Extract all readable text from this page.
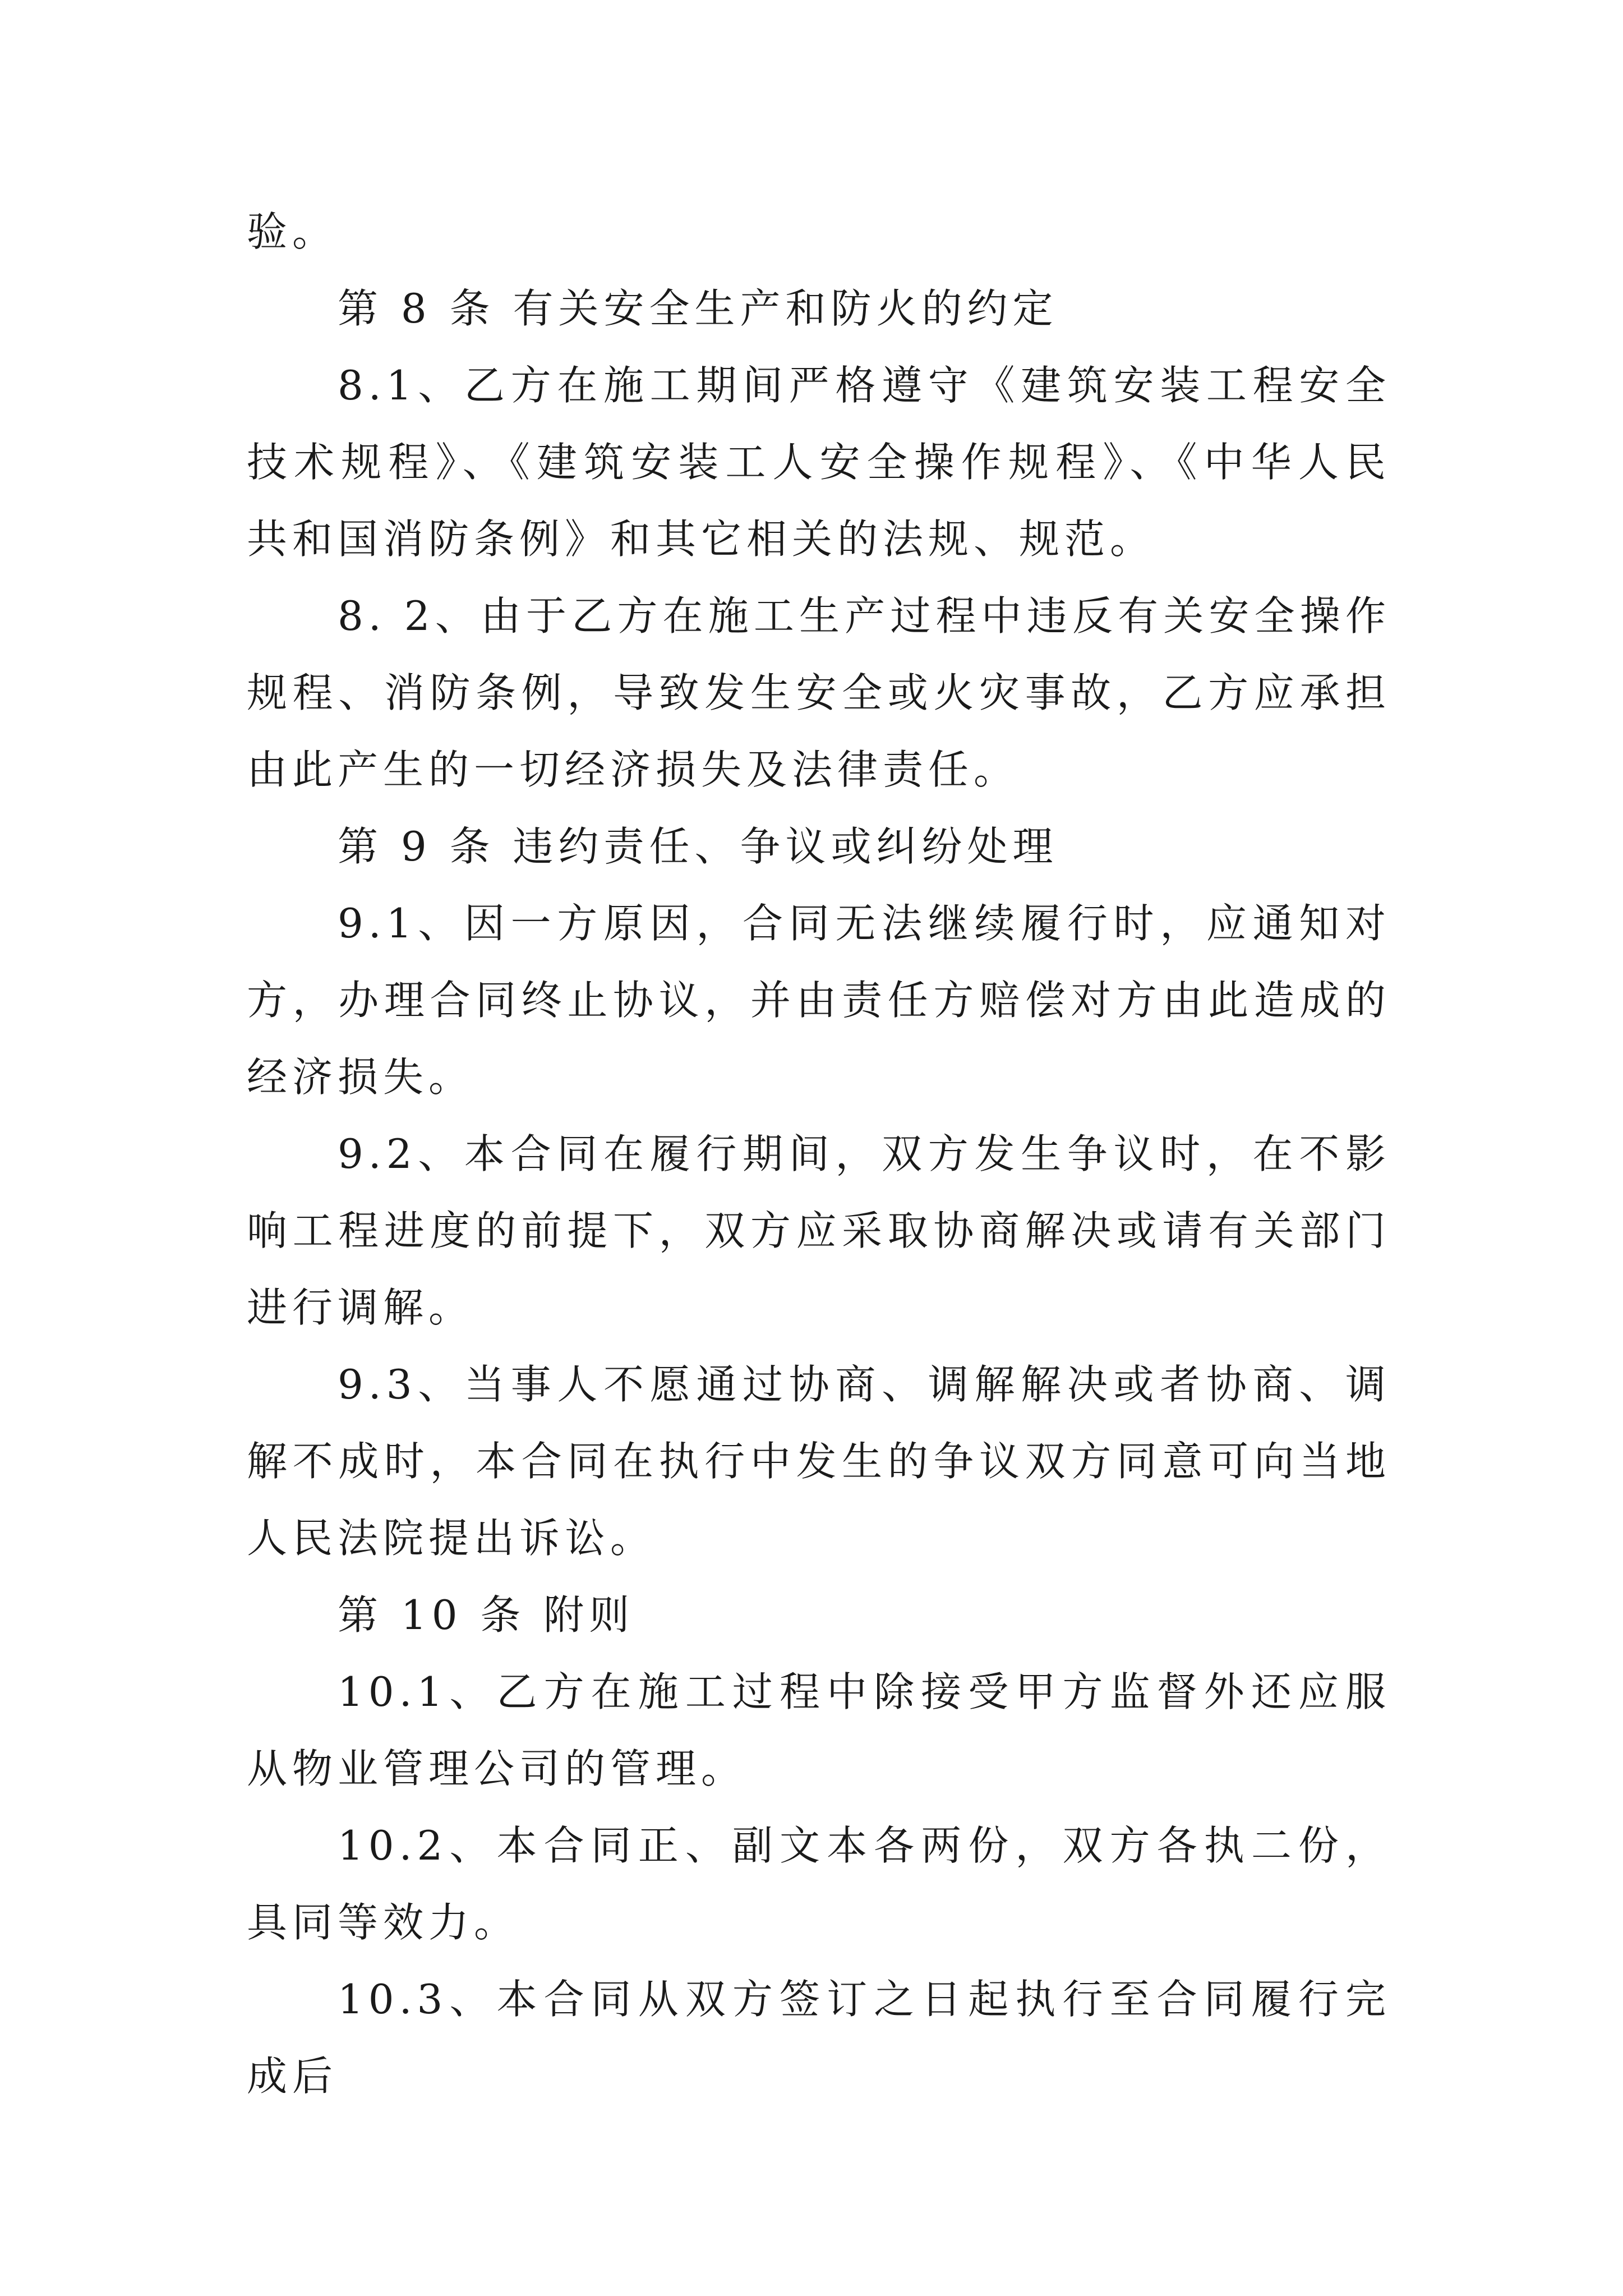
验。

第 8 条 有关安全生产和防火的约定

8.1、乙方在施工期间严格遵守《建筑安装工程安全技术规程》、《建筑安装工人安全操作规程》、《中华人民共和国消防条例》和其它相关的法规、规范。

8. 2、由于乙方在施工生产过程中违反有关安全操作规程、消防条例，导致发生安全或火灾事故，乙方应承担由此产生的一切经济损失及法律责任。

第 9 条 违约责任、争议或纠纷处理

9.1、因一方原因，合同无法继续履行时，应通知对方，办理合同终止协议，并由责任方赔偿对方由此造成的经济损失。

9.2、本合同在履行期间，双方发生争议时，在不影响工程进度的前提下，双方应采取协商解决或请有关部门进行调解。

9.3、当事人不愿通过协商、调解解决或者协商、调解不成时，本合同在执行中发生的争议双方同意可向当地人民法院提出诉讼。

第 10 条 附则

10.1、乙方在施工过程中除接受甲方监督外还应服从物业管理公司的管理。

10.2、本合同正、副文本各两份，双方各执二份，具同等效力。

10.3、本合同从双方签订之日起执行至合同履行完成后
